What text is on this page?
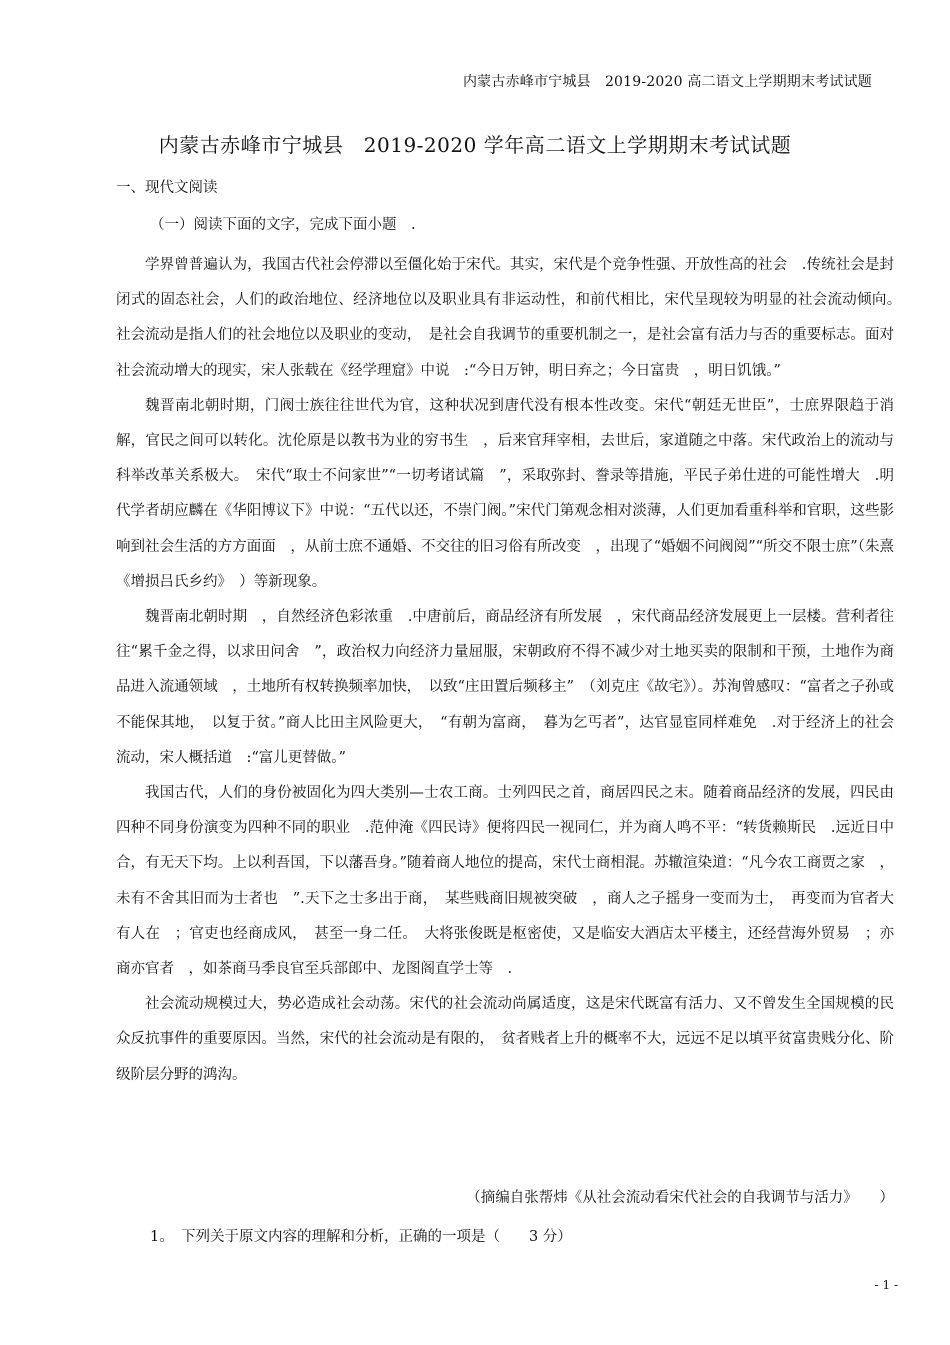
内蒙古赤峰市宁城县　2019-2020 高二语文上学期期末考试试题
内蒙古赤峰市宁城县　2019-2020 学年高二语文上学期期末考试试题
一、现代文阅读
（一）阅读下面的文字，完成下面小题　.

学界曾普遍认为，我国古代社会停滞以至僵化始于宋代。其实，宋代是个竞争性强、开放性高的社会　.传统社会是封闭式的固态社会，人们的政治地位、经济地位以及职业具有非运动性，和前代相比，宋代呈现较为明显的社会流动倾向。　社会流动是指人们的社会地位以及职业的变动，　是社会自我调节的重要机制之一，是社会富有活力与否的重要标志。面对社会流动增大的现实，宋人张载在《经学理窟》中说　:“今日万钟，明日弃之；今日富贵　，明日饥饿。”

魏晋南北朝时期，门阀士族往往世代为官，这种状况到唐代没有根本性改变。宋代“朝廷无世臣”，士庶界限趋于消解，官民之间可以转化。沈伦原是以教书为业的穷书生　，后来官拜宰相，去世后，家道随之中落。宋代政治上的流动与科举改革关系极大。　宋代“取士不问家世”“一切考诸试篇　”，采取弥封、誊录等措施，平民子弟仕进的可能性增大　.明代学者胡应麟在《华阳博议下》中说：“五代以还，不崇门阀。”宋代门第观念相对淡薄，人们更加看重科举和官职，这些影响到社会生活的方方面面　，从前士庶不通婚、不交往的旧习俗有所改变　，出现了“婚姻不问阀阅”“所交不限士庶”（朱熹《增损吕氏乡约》　）等新现象。

魏晋南北朝时期　，自然经济色彩浓重　.中唐前后，商品经济有所发展　，宋代商品经济发展更上一层楼。营利者往往“累千金之得，以求田问舍　”，政治权力向经济力量屈服，宋朝政府不得不减少对土地买卖的限制和干预，土地作为商品进入流通领域　，土地所有权转换频率加快，　以致“庄田置后频移主”　（刘克庄《故宅》）。苏洵曾感叹：“富者之子孙或不能保其地，　以复于贫。”商人比田主风险更大，　“有朝为富商，　暮为乞丐者”，达官显宦同样难免　.对于经济上的社会流动，宋人概括道　:“富儿更替做。”

我国古代，人们的身份被固化为四大类别—士农工商。士列四民之首，商居四民之末。随着商品经济的发展，四民由四种不同身份演变为四种不同的职业　.范仲淹《四民诗》便将四民一视同仁，并为商人鸣不平：“转货赖斯民　.远近日中合，有无天下均。上以利吾国，下以藩吾身。”随着商人地位的提高，宋代士商相混。苏辙渲染道：“凡今农工商贾之家　，未有不舍其旧而为士者也　”.天下之士多出于商，　某些贱商旧规被突破　，商人之子摇身一变而为士，　再变而为官者大有人在　；官吏也经商成风，　甚至一身二任。　大将张俊既是枢密使，又是临安大酒店太平楼主，还经营海外贸易　；亦商亦官者　，如茶商马季良官至兵部郎中、龙图阁直学士等　.

社会流动规模过大，势必造成社会动荡。宋代的社会流动尚属适度，这是宋代既富有活力、又不曾发生全国规模的民众反抗事件的重要原因。当然，宋代的社会流动是有限的，　贫者贱者上升的概率不大，远远不足以填平贫富贵贱分化、阶级阶层分野的鸿沟。

（摘编自张帮炜《从社会流动看宋代社会的自我调节与活力》　　）
1。　下列关于原文内容的理解和分析，正确的一项是（　　3 分）
- 1 -
